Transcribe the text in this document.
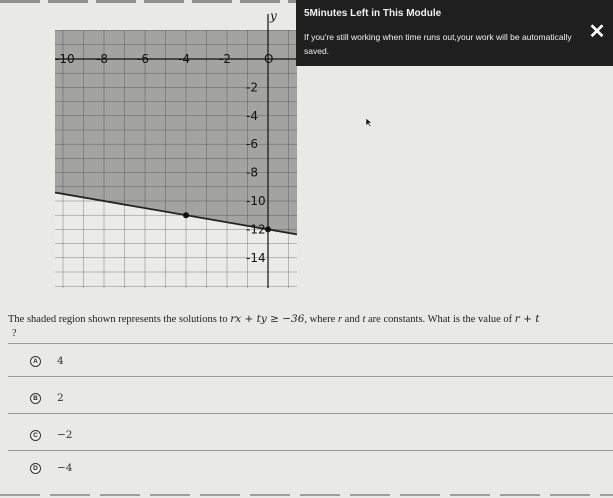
y
-10 -8 -6 -4 -2	O
-2
-4
-6
-8
-10
-12
-14
5Minutes Left in This Module
If you're still working when time runs out,your work will be automatically saved.
✕
The shaded region shown represents the solutions to rx + ty ≥ −36, where r and t are constants. What is the value of r + t
?
A	4
B	2
C	−2
D	−4
